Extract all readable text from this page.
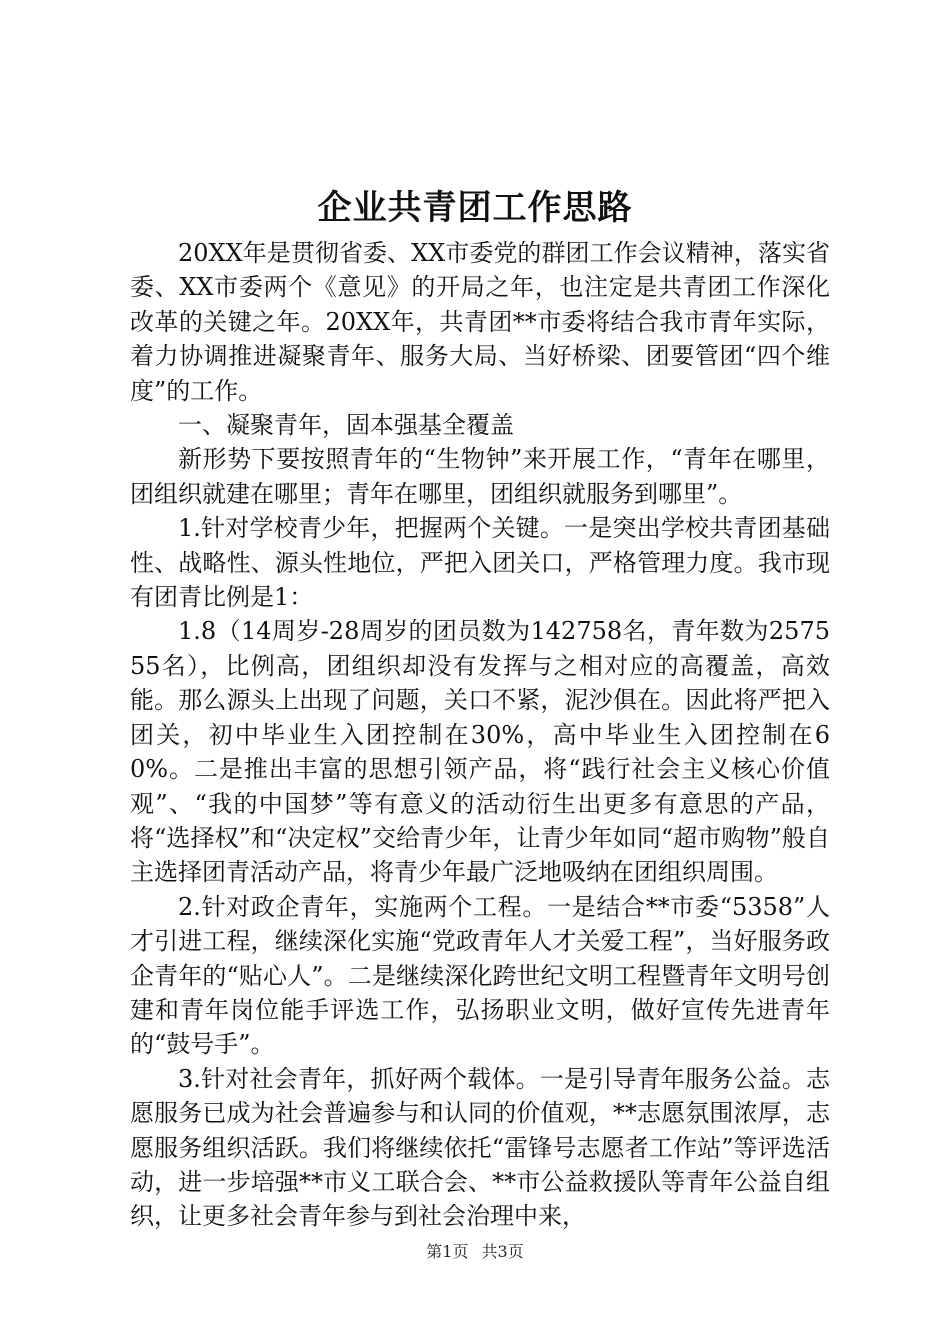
企业共青团工作思路

20XX年是贯彻省委、XX市委党的群团工作会议精神，落实省委、XX市委两个《意见》的开局之年，也注定是共青团工作深化改革的关键之年。20XX年，共青团**市委将结合我市青年实际，着力协调推进凝聚青年、服务大局、当好桥梁、团要管团“四个维度”的工作。

一、凝聚青年，固本强基全覆盖

新形势下要按照青年的“生物钟”来开展工作，“青年在哪里，团组织就建在哪里；青年在哪里，团组织就服务到哪里”。

1.针对学校青少年，把握两个关键。一是突出学校共青团基础性、战略性、源头性地位，严把入团关口，严格管理力度。我市现有团青比例是1：

1.8（14周岁-28周岁的团员数为142758名，青年数为257555名），比例高，团组织却没有发挥与之相对应的高覆盖，高效能。那么源头上出现了问题，关口不紧，泥沙俱在。因此将严把入团关，初中毕业生入团控制在30%，高中毕业生入团控制在60%。二是推出丰富的思想引领产品，将“践行社会主义核心价值观”、“我的中国梦”等有意义的活动衍生出更多有意思的产品，将“选择权”和“决定权”交给青少年，让青少年如同“超市购物”般自主选择团青活动产品，将青少年最广泛地吸纳在团组织周围。

2.针对政企青年，实施两个工程。一是结合**市委“5358”人才引进工程，继续深化实施“党政青年人才关爱工程”，当好服务政企青年的“贴心人”。二是继续深化跨世纪文明工程暨青年文明号创建和青年岗位能手评选工作，弘扬职业文明，做好宣传先进青年的“鼓号手”。

3.针对社会青年，抓好两个载体。一是引导青年服务公益。志愿服务已成为社会普遍参与和认同的价值观，**志愿氛围浓厚，志愿服务组织活跃。我们将继续依托“雷锋号志愿者工作站”等评选活动，进一步培强**市义工联合会、**市公益救援队等青年公益自组织，让更多社会青年参与到社会治理中来，

第1页 共3页
